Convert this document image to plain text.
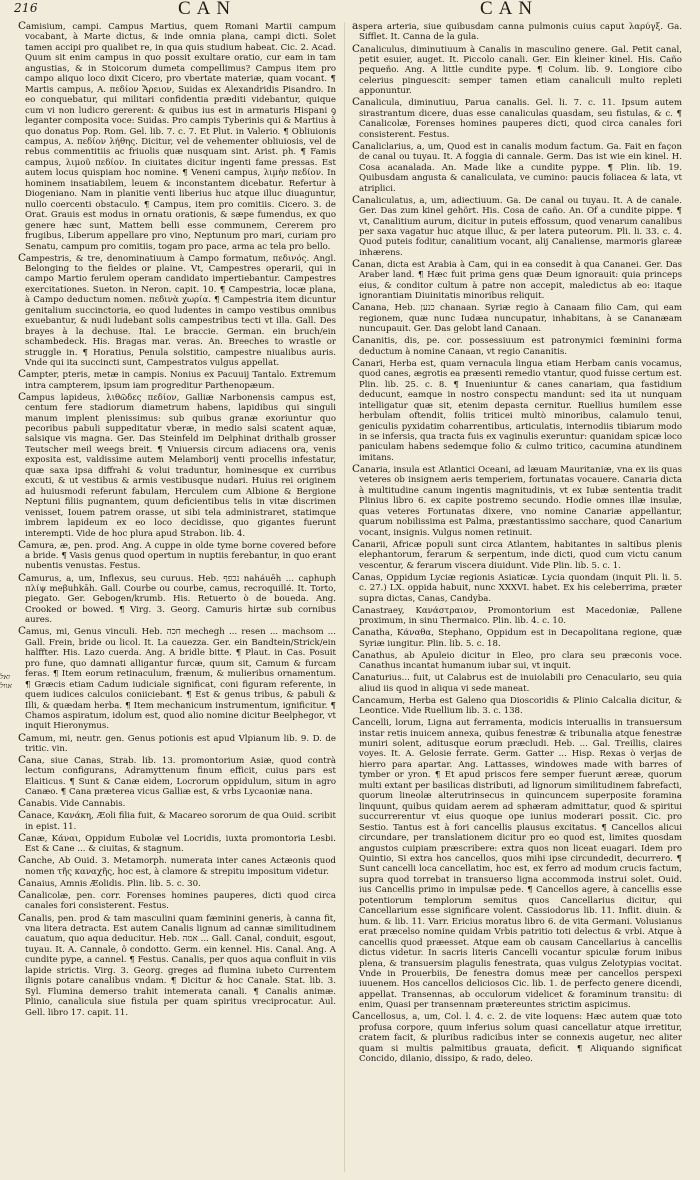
216	CAN	CAN
ואל אוול

Camisium, campi. Campus Martius, quem Romani Martii campum vocabant, à Marte dictus, & inde omnia plana, campi dicti. Solet tamen accipi pro qualibet re, in qua quis studium habeat. Cic. 2. Acad. Quum sit enim campus in quo possit exultare oratio, cur eam in tam angustias, & in Stoicorum dumeta compellimus? Campus item pro campo aliquo loco dixit Cicero, pro vbertate materiæ, quam vocant. ¶ Martis campus, A. πεδίον Ἄρειον, Suidas ex Alexandridis Pisandro. In eo conquebatur, qui militari confidentia præditi videbantur, quique cum vi non ludicro gererent: & quibus ius est in armaturis Hispani ꝯ leganter composita voce: Suidas. Pro campis Tyberinis qui & Martius à quo donatus Pop. Rom. Gel. lib. 7. c. 7. Et Plut. in Valerio. ¶ Obliuionis campus, A. πεδίον λήθης. Dicitur, vel de vehementer obliuiosis, vel de rebus commentitiis ac friuolis quæ nusquam sint. Arist. ph. ¶ Famis campus, λιμοῦ πεδίον. In ciuitates dicitur ingenti fame pressas. Est autem locus quispiam hoc nomine. ¶ Veneni campus, λιμὴν πεδίον. In hominem insatiabilem, leuem & inconstantem dicebatur. Refertur à Diogeniano. Nam in planitie venti liberius huc atque illuc diuaguntur, nullo coercenti obstaculo. ¶ Campus, item pro comitiis. Cicero. 3. de Orat. Grauis est modus in ornatu orationis, & sæpe fumendus, ex quo genere hæc sunt, Mattem belli esse communem, Cererem pro frugibus, Liberum appellare pro vino, Neptunum pro mari, curiam pro Senatu, campum pro comitiis, togam pro pace, arma ac tela pro bello.

Campestris, & tre, denominatiuum à Campo formatum, πεδινός. Angl. Belonging to the fieldes or plaine. Vt, Campestres operarii, qui in campo Martio ferulem operam candidato impertiebantur. Campestres exercitationes. Sueton. in Neron. capit. 10. ¶ Campestria, locæ plana, à Campo deductum nomen. πεδινὰ χωρία. ¶ Campestria item dicuntur genitalium succinctoria, eo quod ludentes in campo vestibus omnibus exuebantur, & nudi ludebant solis campestribus tecti vt illa. Gall. Des brayes à la dechuse. Ital. Le braccie. German. ein bruch/ein schambedeck. His. Bragas mar. veras. An. Breeches to wrastle or struggle in. ¶ Horatius, Penula solstitio, campestre niualibus auris. Vnde qui ita succincti sunt, Campestratos vulgus appellat.

Campter, pteris, metæ in campis. Nonius ex Pacuuij Tantalo. Extremum intra campterem, ipsum iam progreditur Parthenopæum.

Campus lapideus, λιθῶδες πεδίον, Galliæ Narbonensis campus est, centum fere stadiorum diametrum habens, lapidibus qui singuli manum implent plenissimus: sub quibus granæ exoriuntur quo pecoribus pabuli suppeditatur vberæ, in medio salsi scatent aquæ, salsique vis magna. Ger. Das Steinfeld im Delphinat drithalb grosser Teutscher meil weegs breit. ¶ Vniuersis circum adiacens ora, venis exposita est, valdissime autem Melamborij venti procellis infestatur, quæ saxa ipsa diffrahi & volui traduntur, hominesque ex curribus excuti, & ut vestibus & armis vestibusque nudari. Huius rei originem ad huiusmodi referunt fabulam, Herculem cum Albione & Bergione Neptuni filiis pugnantem, quum deficientibus telis in vitæ discrimen venisset, Iouem patrem orasse, ut sibi tela administraret, statimque imbrem lapideum ex eo loco decidisse, quo gigantes fuerunt interempti. Vide de hoc plura apud Strabon. lib. 4.

Camura, æ, pen. prod. Ang. A cuppe in olde tyme borne covered before a bride. ¶ Vasis genus quod opertum in nuptiis ferebantur, in quo erant nubentis venustas. Festus.

Camurus, a, um, Inflexus, seu curuus. Heb. נכפף naháuēh ... caphuph πλίψ meβuhkāh. Gall. Courbe ou courbe, camus, recroquillé. It. Torto, piegato. Ger. Gebogen/krumb. His. Retuerto ò de boueda. Ang. Crooked or bowed. ¶ Virg. 3. Georg. Camuris hirtæ sub cornibus aures.

Camus, mi, Genus vinculi. Heb. חכה mechegh ... resen ... machsom ... Gall. Frein, bride ou licol. It. La cauezza. Ger. ein Bandtein/Strick/ein halffter. His. Lazo cuerda. Ang. A bridle bitte. ¶ Plaut. in Cas. Posuit pro fune, quo damnati alligantur furcæ, quum sit, Camum & furcam feras. ¶ Item eorum retinaculum, frænum, & mulieribus ornamentum. ¶ Græcis etiam Cadum iudiciale significat, coni figuram referente, in quem iudices calculos coniiciebant. ¶ Est & genus tribus, & pabuli & Illi, & quædam herba. ¶ Item mechanicum instrumentum, ignificitur. ¶ Chamos aspiratum, idolum est, quod alio nomine dicitur Beelphegor, vt inquit Hieronymus.

Camum, mi, neutr. gen. Genus potionis est apud Vlpianum lib. 9. D. de tritic. vin.

Cana, siue Canas, Strab. lib. 13. promontorium Asiæ, quod contrà lectum configurans, Adramyttenum finum efficit, cuius pars est Elaiticus. ¶ Sunt & Canæ eidem, Locrorum oppidulum, situm in agro Canæo. ¶ Cana præterea vicus Galliæ est, & vrbs Lycaoniæ nana.

Canabis. Vide Cannabis.

Canace, Κανάκη, Æoli filia fuit, & Macareo sororum de qua Ouid. scribit in epist. 11.

Canæ, Κάναι, Oppidum Eubolæ vel Locridis, iuxta promontoria Lesbi. Est & Cane ... & ciuitas, & stagnum.

Canche, Ab Ouid. 3. Metamorph. numerata inter canes Actæonis quod nomen τῆς καναχῆς, hoc est, à clamore & strepitu impositum videtur.

Canaius, Amnis Æolidis. Plin. lib. 5. c. 30.

Canalicolæ, pen. corr. Forenses homines pauperes, dicti quod circa canales fori consisterent. Festus.

Canalis, pen. prod & tam masculini quam fæminini generis, à canna fit, vna litera detracta. Est autem Canalis lignum ad cannæ similitudinem cauatum, quo aqua deducitur. Heb. אמה ... Gall. Canal, conduit, esgout, tuyau. It. A. Cannale, ô condotto. Germ. ein kennel. His. Canal. Ang. A cundite pype, a cannel. ¶ Festus. Canalis, per quos aqua confluit in viis lapide strictis. Virg. 3. Georg. greges ad flumina iubeto Currentem ilignis potare canalibus vndam. ¶ Dicitur & hoc Canale. Stat. lib. 3. Syl. Flumina demerso trahit intemerata canali. ¶ Canalis animæ. Plinio, canalicula siue fistula per quam spiritus vreciprocatur. Aul. Gell. libro 17. capit. 11.

aspera arteria, siue quibusdam canna pulmonis cuius caput λαρύγξ. Ga. Sifflet. It. Canna de la gula.

Canaliculus, diminutiuum à Canalis in masculino genere. Gal. Petit canal, petit esuier, auget. It. Piccolo canali. Ger. Ein kleiner kinel. His. Caño pequeño. Ang. A little cundite pype. ¶ Colum. lib. 9. Longiore cibo celerius pinguescit: semper tamen etiam canaliculi multo repleti apponuntur.

Canalicula, diminutiuu, Parua canalis. Gel. li. 7. c. 11. Ipsum autem sirastrantum dicere, duas esse canaliculas quasdam, seu fistulas, & c. ¶ Canalicolæ, Forenses homines pauperes dicti, quod circa canales fori consisterent. Festus.

Canaliclarius, a, um, Quod est in canalis modum factum. Ga. Fait en façon de canal ou tuyau. It. A foggia di cannale. Germ. Das ist wie ein kinel. H. Cosa acanalada. An. Made like a cundite pyppe. ¶ Plin. lib. 19. Quibusdam angusta & canaliculata, ve cumino: paucis foliacea & lata, vt atriplici.

Canaliculatus, a, um, adiectiuum. Ga. De canal ou tuyau. It. A de canale. Ger. Das zum kinel gehört. His. Cosa de caño. An. Of a cundite pippe. ¶ vt, Canalitium aurum, dicitur in puteis effossum, quod venarum canalibus per saxa vagatur huc atque illuc, & per latera puteorum. Pli. li. 33. c. 4. Quod puteis foditur, canalitium vocant, alij Canaliense, marmoris glareæ inhærens.

Canan, dicta est Arabia à Cam, qui in ea consedit à qua Cananei. Ger. Das Araber land. ¶ Hæc fuit prima gens quæ Deum ignorauit: quia princeps eius, & conditor cultum à patre non accepit, maledictus ab eo: itaque ignorantiam Diuinitatis minoribus reliquit.

Canana, Heb. כנען chanaan. Syriæ regio à Canaam filio Cam, qui eam regionem, quæ nunc Iudæa nuncupatur, inhabitans, à se Cananæam nuncupauit. Ger. Das gelobt land Canaan.

Cananitis, dis, pe. cor. possessiuum est patronymici fœminini forma deductum à nomine Canaan, vt regio Cananitis.

Canari, Herba est, quam vernacula lingua etiam Herbam canis vocamus, quod canes, ægrotis ea præsenti remedio vtantur, quod fuisse certum est. Plin. lib. 25. c. 8. ¶ Inueniuntur & canes canariam, qua fastidium deducunt, eamque in nostro conspectu mandunt: sed ita ut nunquam intelligatur quæ sit, etenim depasta cernitur. Ruellius humilem esse herbulam oftendit, foliis triticei multò minoribus, calamulo tenui, geniculis pyxidatim coharrentibus, articulatis, internodiis tibiarum modo in se infersis, qua tracta fuis ex vaginulis exeruntur: quanidam spicæ loco paniculam habens sedemque folio & culmo tritico, cacumina atundinem imitans.

Canaria, insula est Atlantici Oceani, ad læuam Mauritaniæ, vna ex iis quas veteres ob insignem aeris temperiem, fortunatas vocauere. Canaria dicta à multitudine canum ingentis magnitudinis, vt ex Iubæ sententia tradit Plinius libro 6. ex capite postremo secundo. Hodie omnes illæ insulæ, quas veteres Fortunatas dixere, vno nomine Canariæ appellantur, quarum nobilissima est Palma, præstantissimo sacchare, quod Canarium vocant, insignis. Vulgus nomen retinuit.

Canarii, Africæ populi sunt circa Atlantem, habitantes in saltibus plenis elephantorum, ferarum & serpentum, inde dicti, quod cum victu canum vescentur, & ferarum viscera diuidunt. Vide Plin. lib. 5. c. 1.

Canas, Oppidum Lyciæ regionis Asiaticæ. Lycia quondam (inquit Pli. li. 5. c. 27.) LX. oppida habuit, nunc XXXVI. habet. Ex his celeberrima, præter supra dictas, Canas, Candyba.

Canastraey, Κανάστραιον, Promontorium est Macedoniæ, Pallene proximum, in sinu Thermaico. Plin. lib. 4. c. 10.

Canatha, Κάναθα, Stephano, Oppidum est in Decapolitana regione, quæ Syriæ iungitur. Plin. lib. 5. c. 18.

Canathus, ab Apuleio dicitur in Eleo, pro clara seu præconis voce. Canathus incantat humanum iubar sui, vt inquit.

Canaturius... fuit, ut Calabrus est de inuiolabili pro Cenaculario, seu quia aliud iis quod in aliqua vi sede maneat.

Cancamum, Herba est Galeno qua Dioscoridis & Plinio Calcalia dicitur, & Leontice. Vide Ruellium lib. 3. c. 138.

Cancelli, lorum, Ligna aut ferramenta, modicis interuallis in transuersum instar retis inuicem annexa, quibus fenestræ & tribunalia atque fenestræ muniri solent, aditusque eorum præcludi. Heb. ... Gal. Treillis, claires voyes. It. A. Gelosie ferrate. Germ. Gatter ... Hisp. Rexas ò verjas de hierro para apartar. Ang. Lattasses, windowes made with barres of tymber or yron. ¶ Et apud priscos fere semper fuerunt æreæ, quorum multi extant per basilicas distributi, ad lignorum similitudinem fabrefacti, quorum lineolæ alterutrinsecus in quincuncem superposite foramina linquunt, quibus quidam aerem ad sphæram admittatur, quod & spiritui succurrerentur vt eius quoque ope iunius moderari possit. Cic. pro Sestio. Tantus est à fori cancellis plausus excitatus. ¶ Cancellos alicui circundare, per translationem dicitur pro eo quod est, limites quosdam angustos cuipiam præscribere: extra quos non liceat euagari. Idem pro Quintio, Si extra hos cancellos, quos mihi ipse circundedit, decurrero. ¶ Sunt cancelli loca cancellatim, hoc est, ex ferro ad modum crucis factum, supra quod torrebat in transuerso ligna accommoda instrui solet. Ouid. ius Cancellis primo in impulsæ pede. ¶ Cancellos agere, à cancellis esse potentiorum templorum semitus quos Cancellarius dicitur, qui Cancellarium esse significare volent. Cassiodorus lib. 11. Inflit. diuin. & hum. & lib. 11. Varr. Ericius moratus libro 6. de vita Germani. Volusianus erat præcelso nomine quidam Vrbis patritio toti delectus & vrbi. Atque à cancellis quod præesset. Atque eam ob causam Cancellarius à cancellis dictus videtur. In sacris literis Cancelli vocantur spiculæ forum inibus plena, & transuersim plagulis fenestrata, quas vulgus Zelotypias vocitat. Vnde in Prouerbiis, De fenestra domus meæ per cancellos perspexi iuuenem. Hos cancellos deliciosos Cic. lib. 1. de perfecto genere dicendi, appellat. Transennas, ab occulorum videlicet & foraminum transitu: di enim, Quasi per transennam prætereuntes strictim aspicimus.

Cancellosus, a, um, Col. l. 4. c. 2. de vite loquens: Hæc autem quæ toto profusa corpore, quum inferius solum quasi cancellatur atque irretitur, cratem facit, & pluribus radicibus inter se connexis augetur, nec aliter quam si multis palmitibus grauata, deficit. ¶ Aliquando significat Concido, dilanio, dissipo, & rado, deleo.
